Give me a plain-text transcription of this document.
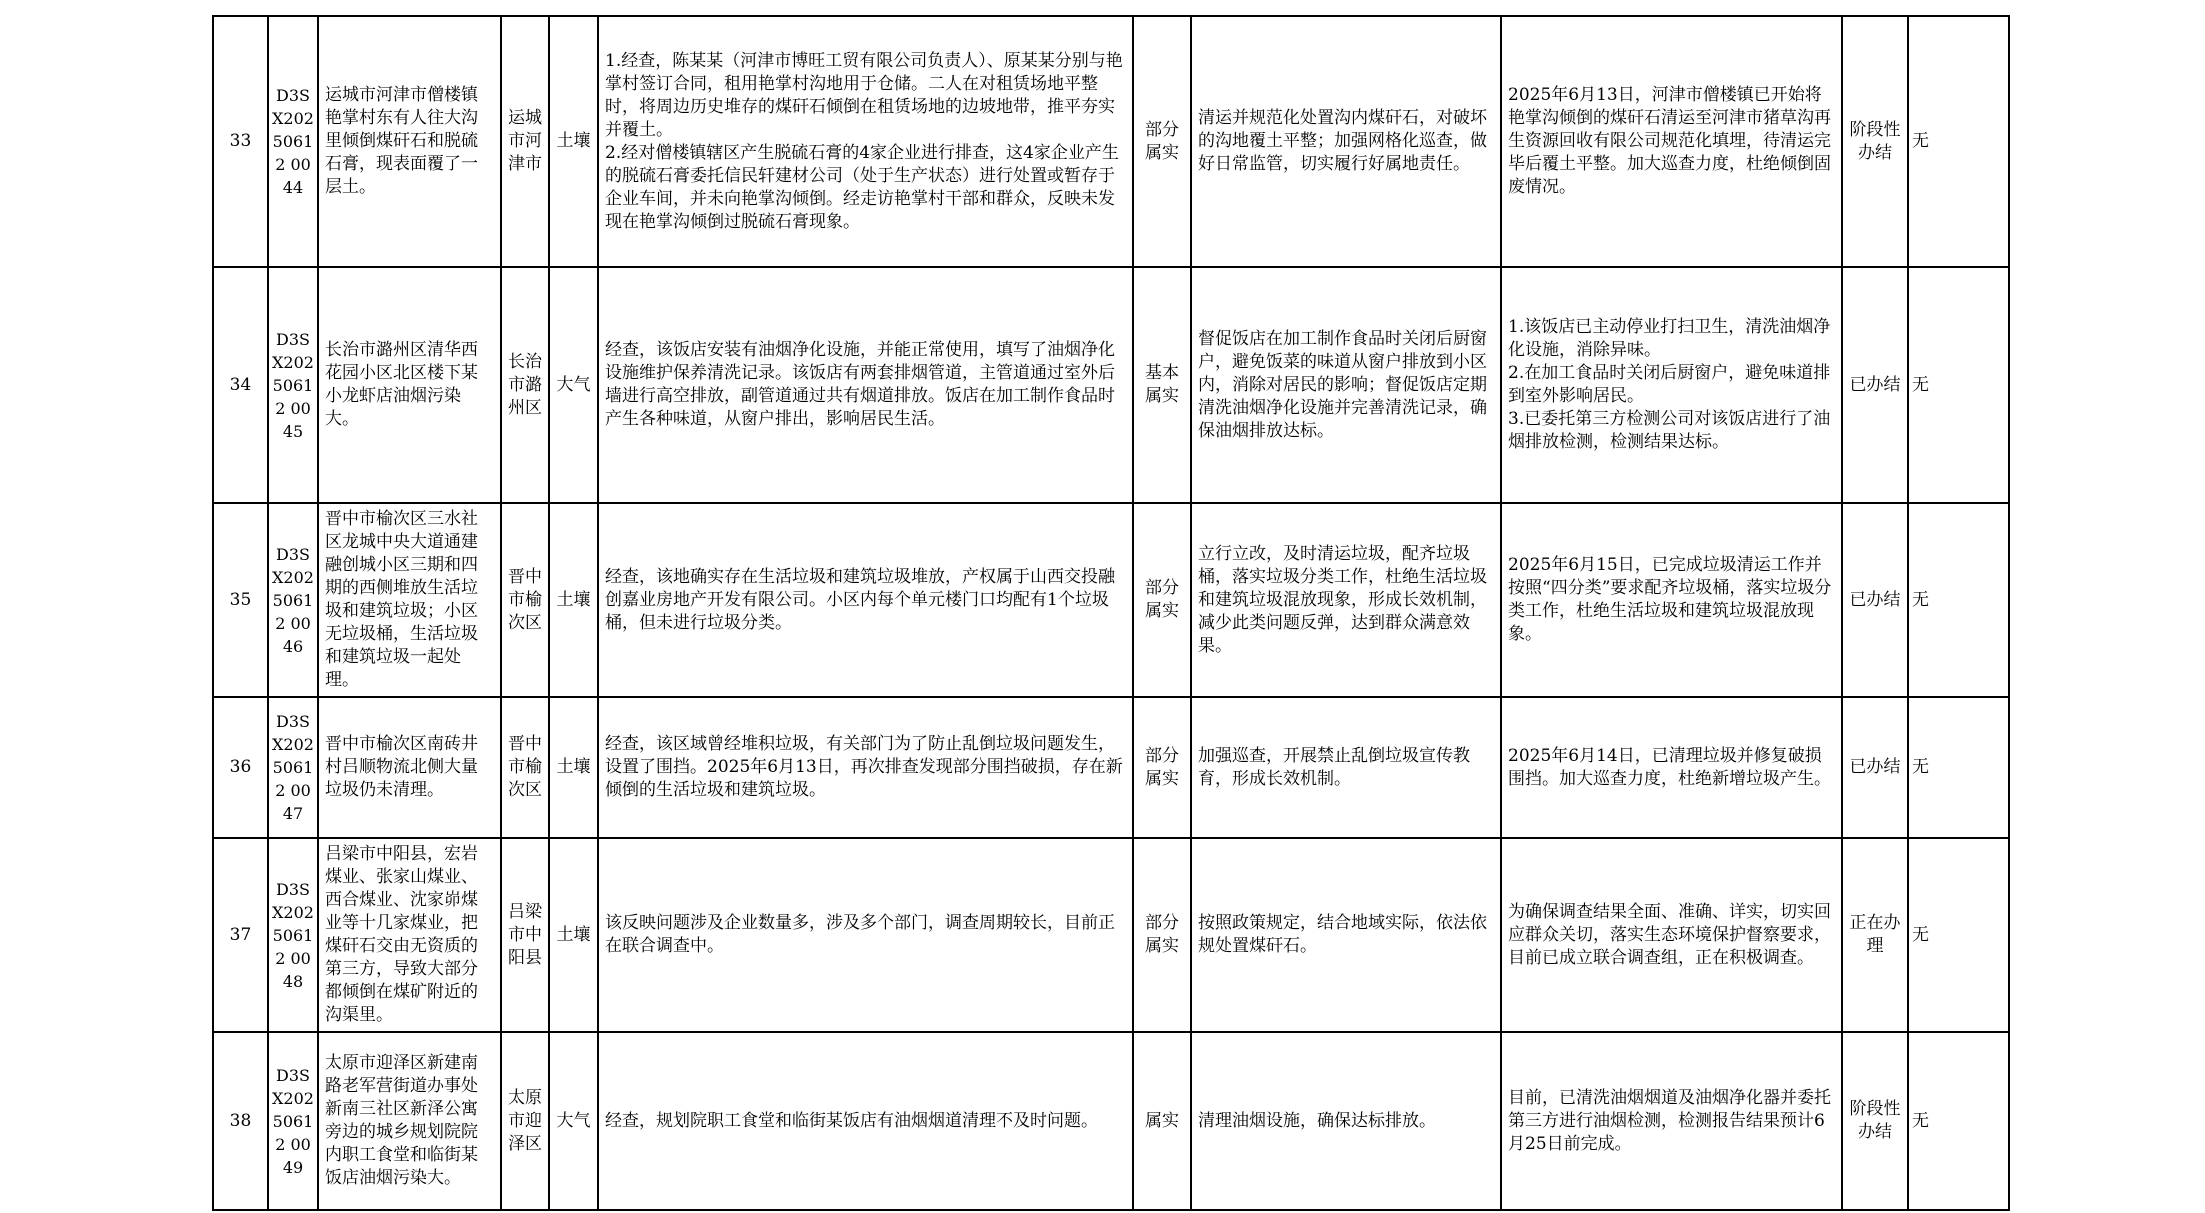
33	D3SX20250612 0044	运城市河津市僧楼镇艳掌村东有人往大沟里倾倒煤矸石和脱硫石膏，现表面覆了一层土。	运城市河津市	土壤	1.经查，陈某某（河津市博旺工贸有限公司负责人）、原某某分别与艳掌村签订合同，租用艳掌村沟地用于仓储。二人在对租赁场地平整时，将周边历史堆存的煤矸石倾倒在租赁场地的边坡地带，推平夯实并覆土。
2.经对僧楼镇辖区产生脱硫石膏的4家企业进行排查，这4家企业产生的脱硫石膏委托信民轩建材公司（处于生产状态）进行处置或暂存于企业车间，并未向艳掌沟倾倒。经走访艳掌村干部和群众，反映未发现在艳掌沟倾倒过脱硫石膏现象。	部分属实	清运并规范化处置沟内煤矸石，对破坏的沟地覆土平整；加强网格化巡查，做好日常监管，切实履行好属地责任。	2025年6月13日，河津市僧楼镇已开始将艳掌沟倾倒的煤矸石清运至河津市猪草沟再生资源回收有限公司规范化填埋，待清运完毕后覆土平整。加大巡查力度，杜绝倾倒固废情况。	阶段性办结	无
34	D3SX20250612 0045	长治市潞州区清华西花园小区北区楼下某小龙虾店油烟污染大。	长治市潞州区	大气	经查，该饭店安装有油烟净化设施，并能正常使用，填写了油烟净化设施维护保养清洗记录。该饭店有两套排烟管道，主管道通过室外后墙进行高空排放，副管道通过共有烟道排放。饭店在加工制作食品时产生各种味道，从窗户排出，影响居民生活。	基本属实	督促饭店在加工制作食品时关闭后厨窗户，避免饭菜的味道从窗户排放到小区内，消除对居民的影响；督促饭店定期清洗油烟净化设施并完善清洗记录，确保油烟排放达标。	1.该饭店已主动停业打扫卫生，清洗油烟净化设施，消除异味。
2.在加工食品时关闭后厨窗户，避免味道排到室外影响居民。
3.已委托第三方检测公司对该饭店进行了油烟排放检测，检测结果达标。	已办结	无
35	D3SX20250612 0046	晋中市榆次区三水社区龙城中央大道通建融创城小区三期和四期的西侧堆放生活垃圾和建筑垃圾；小区无垃圾桶，生活垃圾和建筑垃圾一起处理。	晋中市榆次区	土壤	经查，该地确实存在生活垃圾和建筑垃圾堆放，产权属于山西交投融创嘉业房地产开发有限公司。小区内每个单元楼门口均配有1个垃圾桶，但未进行垃圾分类。	部分属实	立行立改，及时清运垃圾，配齐垃圾桶，落实垃圾分类工作，杜绝生活垃圾和建筑垃圾混放现象，形成长效机制，减少此类问题反弹，达到群众满意效果。	2025年6月15日，已完成垃圾清运工作并按照“四分类”要求配齐垃圾桶，落实垃圾分类工作，杜绝生活垃圾和建筑垃圾混放现象。	已办结	无
36	D3SX20250612 0047	晋中市榆次区南砖井村吕顺物流北侧大量垃圾仍未清理。	晋中市榆次区	土壤	经查，该区域曾经堆积垃圾，有关部门为了防止乱倒垃圾问题发生，设置了围挡。2025年6月13日，再次排查发现部分围挡破损，存在新倾倒的生活垃圾和建筑垃圾。	部分属实	加强巡查，开展禁止乱倒垃圾宣传教育，形成长效机制。	2025年6月14日，已清理垃圾并修复破损围挡。加大巡查力度，杜绝新增垃圾产生。	已办结	无
37	D3SX20250612 0048	吕梁市中阳县，宏岩煤业、张家山煤业、西合煤业、沈家峁煤业等十几家煤业，把煤矸石交由无资质的第三方，导致大部分都倾倒在煤矿附近的沟渠里。	吕梁市中阳县	土壤	该反映问题涉及企业数量多，涉及多个部门，调查周期较长，目前正在联合调查中。	部分属实	按照政策规定，结合地域实际，依法依规处置煤矸石。	为确保调查结果全面、准确、详实，切实回应群众关切，落实生态环境保护督察要求，目前已成立联合调查组，正在积极调查。	正在办理	无
38	D3SX20250612 0049	太原市迎泽区新建南路老军营街道办事处新南三社区新泽公寓旁边的城乡规划院院内职工食堂和临街某饭店油烟污染大。	太原市迎泽区	大气	经查，规划院职工食堂和临街某饭店有油烟烟道清理不及时问题。	属实	清理油烟设施，确保达标排放。	目前，已清洗油烟烟道及油烟净化器并委托第三方进行油烟检测，检测报告结果预计6月25日前完成。	阶段性办结	无
